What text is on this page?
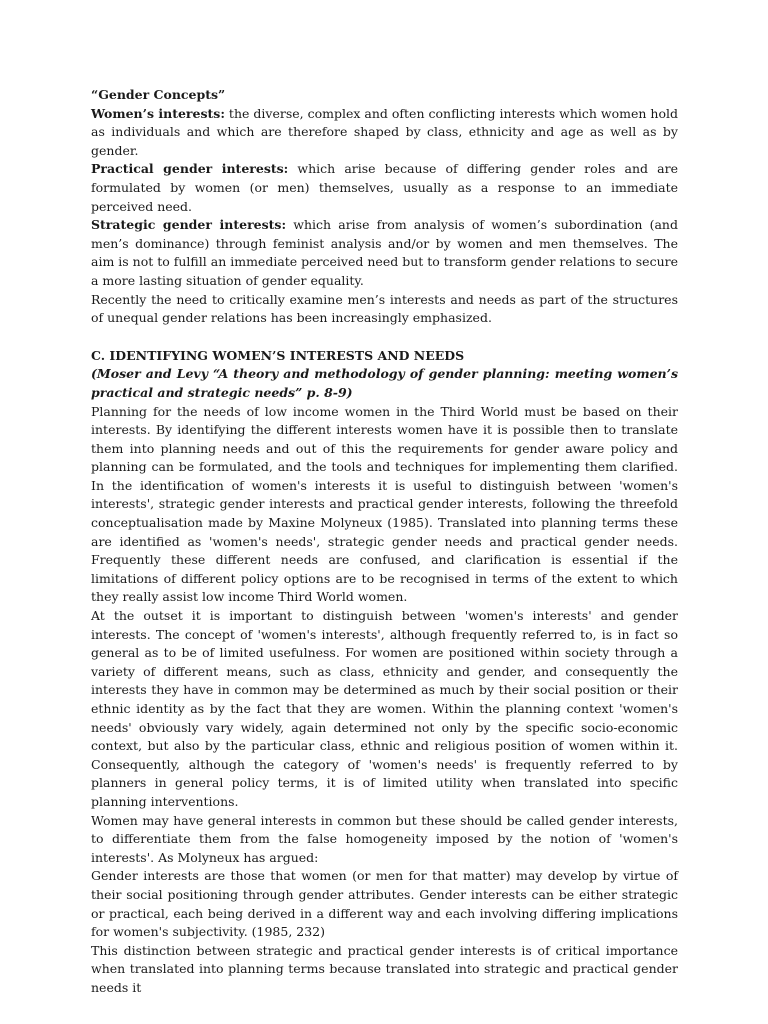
“Gender Concepts”

Women’s interests: the diverse, complex and often conflicting interests which women hold as individuals and which are therefore shaped by class, ethnicity and age as well as by gender.

Practical gender interests: which arise because of differing gender roles and are formulated by women (or men) themselves, usually as a response to an immediate perceived need.

Strategic gender interests: which arise from analysis of women’s subordination (and men’s dominance) through feminist analysis and/or by women and men themselves. The aim is not to fulfill an immediate perceived need but to transform gender relations to secure a more lasting situation of gender equality.

Recently the need to critically examine men’s interests and needs as part of the structures of unequal gender relations has been increasingly emphasized.

C. IDENTIFYING WOMEN’S INTERESTS AND NEEDS

(Moser and Levy “A theory and methodology of gender planning: meeting women’s practical and strategic needs” p. 8-9)

Planning for the needs of low income women in the Third World must be based on their interests. By identifying the different interests women have it is possible then to translate them into planning needs and out of this the requirements for gender aware policy and planning can be formulated, and the tools and techniques for implementing them clarified. In the identification of women's interests it is useful to distinguish between 'women's interests', strategic gender interests and practical gender interests, following the threefold conceptualisation made by Maxine Molyneux (1985). Translated into planning terms these are identified as 'women's needs', strategic gender needs and practical gender needs. Frequently these different needs are confused, and clarification is essential if the limitations of different policy options are to be recognised in terms of the extent to which they really assist low income Third World women.

At the outset it is important to distinguish between 'women's interests' and gender interests. The concept of 'women's interests', although frequently referred to, is in fact so general as to be of limited usefulness. For women are positioned within society through a variety of different means, such as class, ethnicity and gender, and consequently the interests they have in common may be determined as much by their social position or their ethnic identity as by the fact that they are women. Within the planning context 'women's needs' obviously vary widely, again determined not only by the specific socio-economic context, but also by the particular class, ethnic and religious position of women within it. Consequently, although the category of 'women's needs' is frequently referred to by planners in general policy terms, it is of limited utility when translated into specific planning interventions.

Women may have general interests in common but these should be called gender interests, to differentiate them from the false homogeneity imposed by the notion of 'women's interests'. As Molyneux has argued:

Gender interests are those that women (or men for that matter) may develop by virtue of their social positioning through gender attributes. Gender interests can be either strategic or practical, each being derived in a different way and each involving differing implications for women's subjectivity. (1985, 232)

This distinction between strategic and practical gender interests is of critical importance when translated into planning terms because translated into strategic and practical gender needs it
